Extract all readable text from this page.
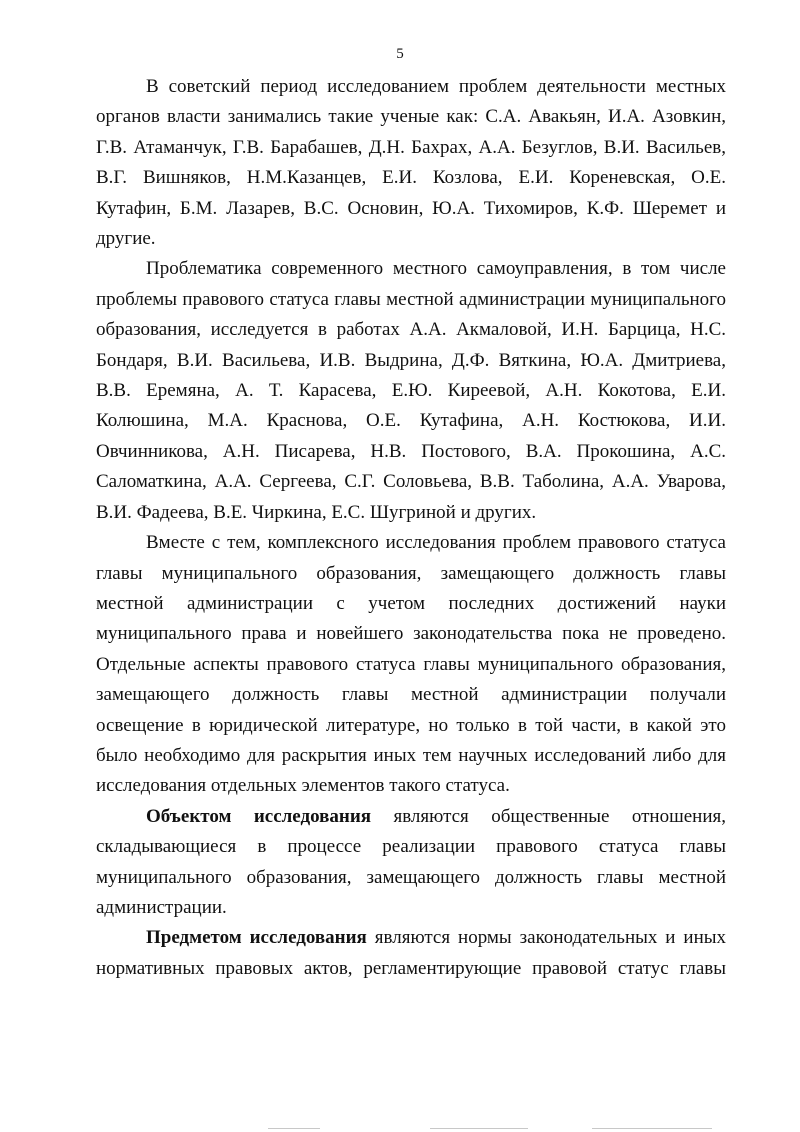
5

В советский период исследованием проблем деятельности местных органов власти занимались такие ученые как: С.А. Авакьян, И.А. Азовкин, Г.В. Атаманчук, Г.В. Барабашев, Д.Н. Бахрах, А.А. Безуглов, В.И. Васильев, В.Г. Вишняков, Н.М.Казанцев, Е.И. Козлова, Е.И. Кореневская, О.Е. Кутафин, Б.М. Лазарев, В.С. Основин, Ю.А. Тихомиров, К.Ф. Шеремет и другие.

Проблематика современного местного самоуправления, в том числе проблемы правового статуса главы местной администрации муниципального образования, исследуется в работах А.А. Акмаловой, И.Н. Барцица, Н.С. Бондаря, В.И. Васильева, И.В. Выдрина, Д.Ф. Вяткина, Ю.А. Дмитриева, В.В. Еремяна, А. Т. Карасева, Е.Ю. Киреевой, А.Н. Кокотова, Е.И. Колюшина, М.А. Краснова, О.Е. Кутафина, А.Н. Костюкова, И.И. Овчинникова, А.Н. Писарева, Н.В. Постового, В.А. Прокошина, А.С. Саломаткина, А.А. Сергеева, С.Г. Соловьева, В.В. Таболина, А.А. Уварова, В.И. Фадеева, В.Е. Чиркина, Е.С. Шугриной и других.

Вместе с тем, комплексного исследования проблем правового статуса главы муниципального образования, замещающего должность главы местной администрации с учетом последних достижений науки муниципального права и новейшего законодательства пока не проведено. Отдельные аспекты правового статуса главы муниципального образования, замещающего должность главы местной администрации получали освещение в юридической литературе, но только в той части, в какой это было необходимо для раскрытия иных тем научных исследований либо для исследования отдельных элементов такого статуса.

Объектом исследования являются общественные отношения, складывающиеся в процессе реализации правового статуса главы муниципального образования, замещающего должность главы местной администрации.

Предметом исследования являются нормы законодательных и иных нормативных правовых актов, регламентирующие правовой статус главы
